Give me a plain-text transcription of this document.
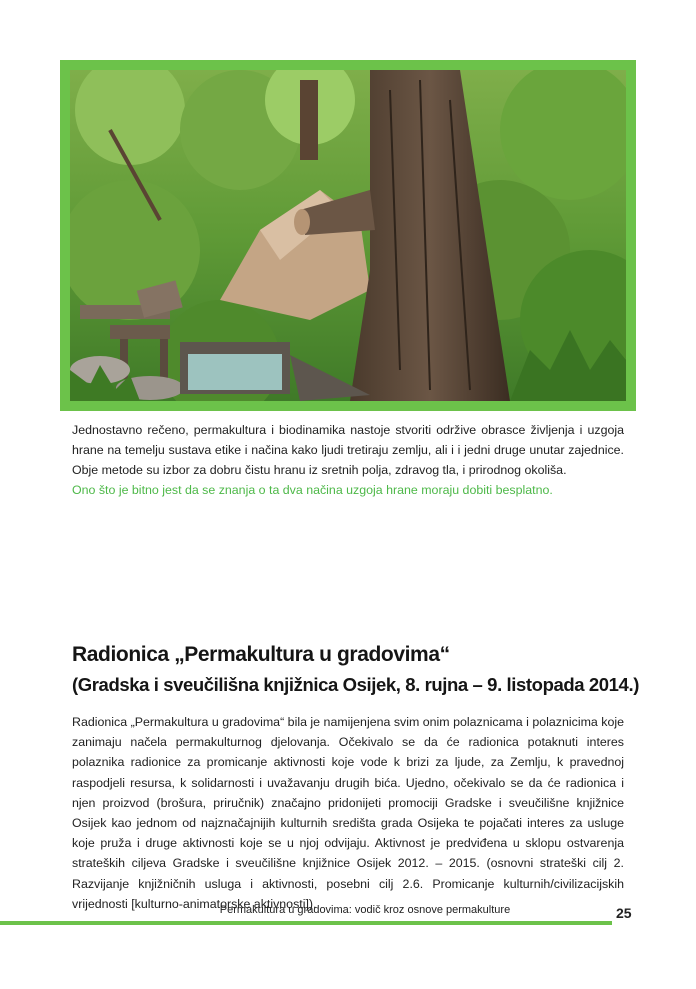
Jednostavno rečeno, permakultura i biodinamika nastoje stvoriti održive obrasce življenja i uzgoja hrane na temelju sustava etike i načina kako ljudi tretiraju zemlju, ali i i jedni druge unutar zajednice. Obje metode su izbor za dobru čistu hranu iz sretnih polja, zdravog tla, i prirodnog okoliša.
Ono što je bitno jest da se znanja o ta dva načina uzgoja hrane moraju dobiti besplatno.
Radionica „Permakultura u gradovima“
(Gradska i sveučilišna knjižnica Osijek, 8. rujna – 9. listopada 2014.)
Radionica „Permakultura u gradovima“ bila je namijenjena svim onim polaznicama i polaznicima koje zanimaju načela permakulturnog djelovanja. Očekivalo se da će radionica potaknuti interes polaznika radionice za promicanje aktivnosti koje vode k brizi za ljude, za Zemlju, k pravednoj raspodjeli resursa, k solidarnosti i uvažavanju drugih bića. Ujedno, očekivalo se da će radionica i njen proizvod (brošura, priručnik) značajno pridonijeti promociji Gradske i sveučilišne knjižnice Osijek kao jednom od najznačajnijih kulturnih središta grada Osijeka te pojačati interes za usluge koje pruža i druge aktivnosti koje se u njoj odvijaju. Aktivnost je predviđena u sklopu ostvarenja strateških ciljeva Gradske i sveučilišne knjižnice Osijek 2012. – 2015. (osnovni strateški cilj 2. Razvijanje knjižničnih usluga i aktivnosti, posebni cilj 2.6. Promicanje kulturnih/civilizacijskih vrijednosti [kulturno-animatorske aktivnosti]).
Permakultura u gradovima: vodič kroz osnove permakulture	25
